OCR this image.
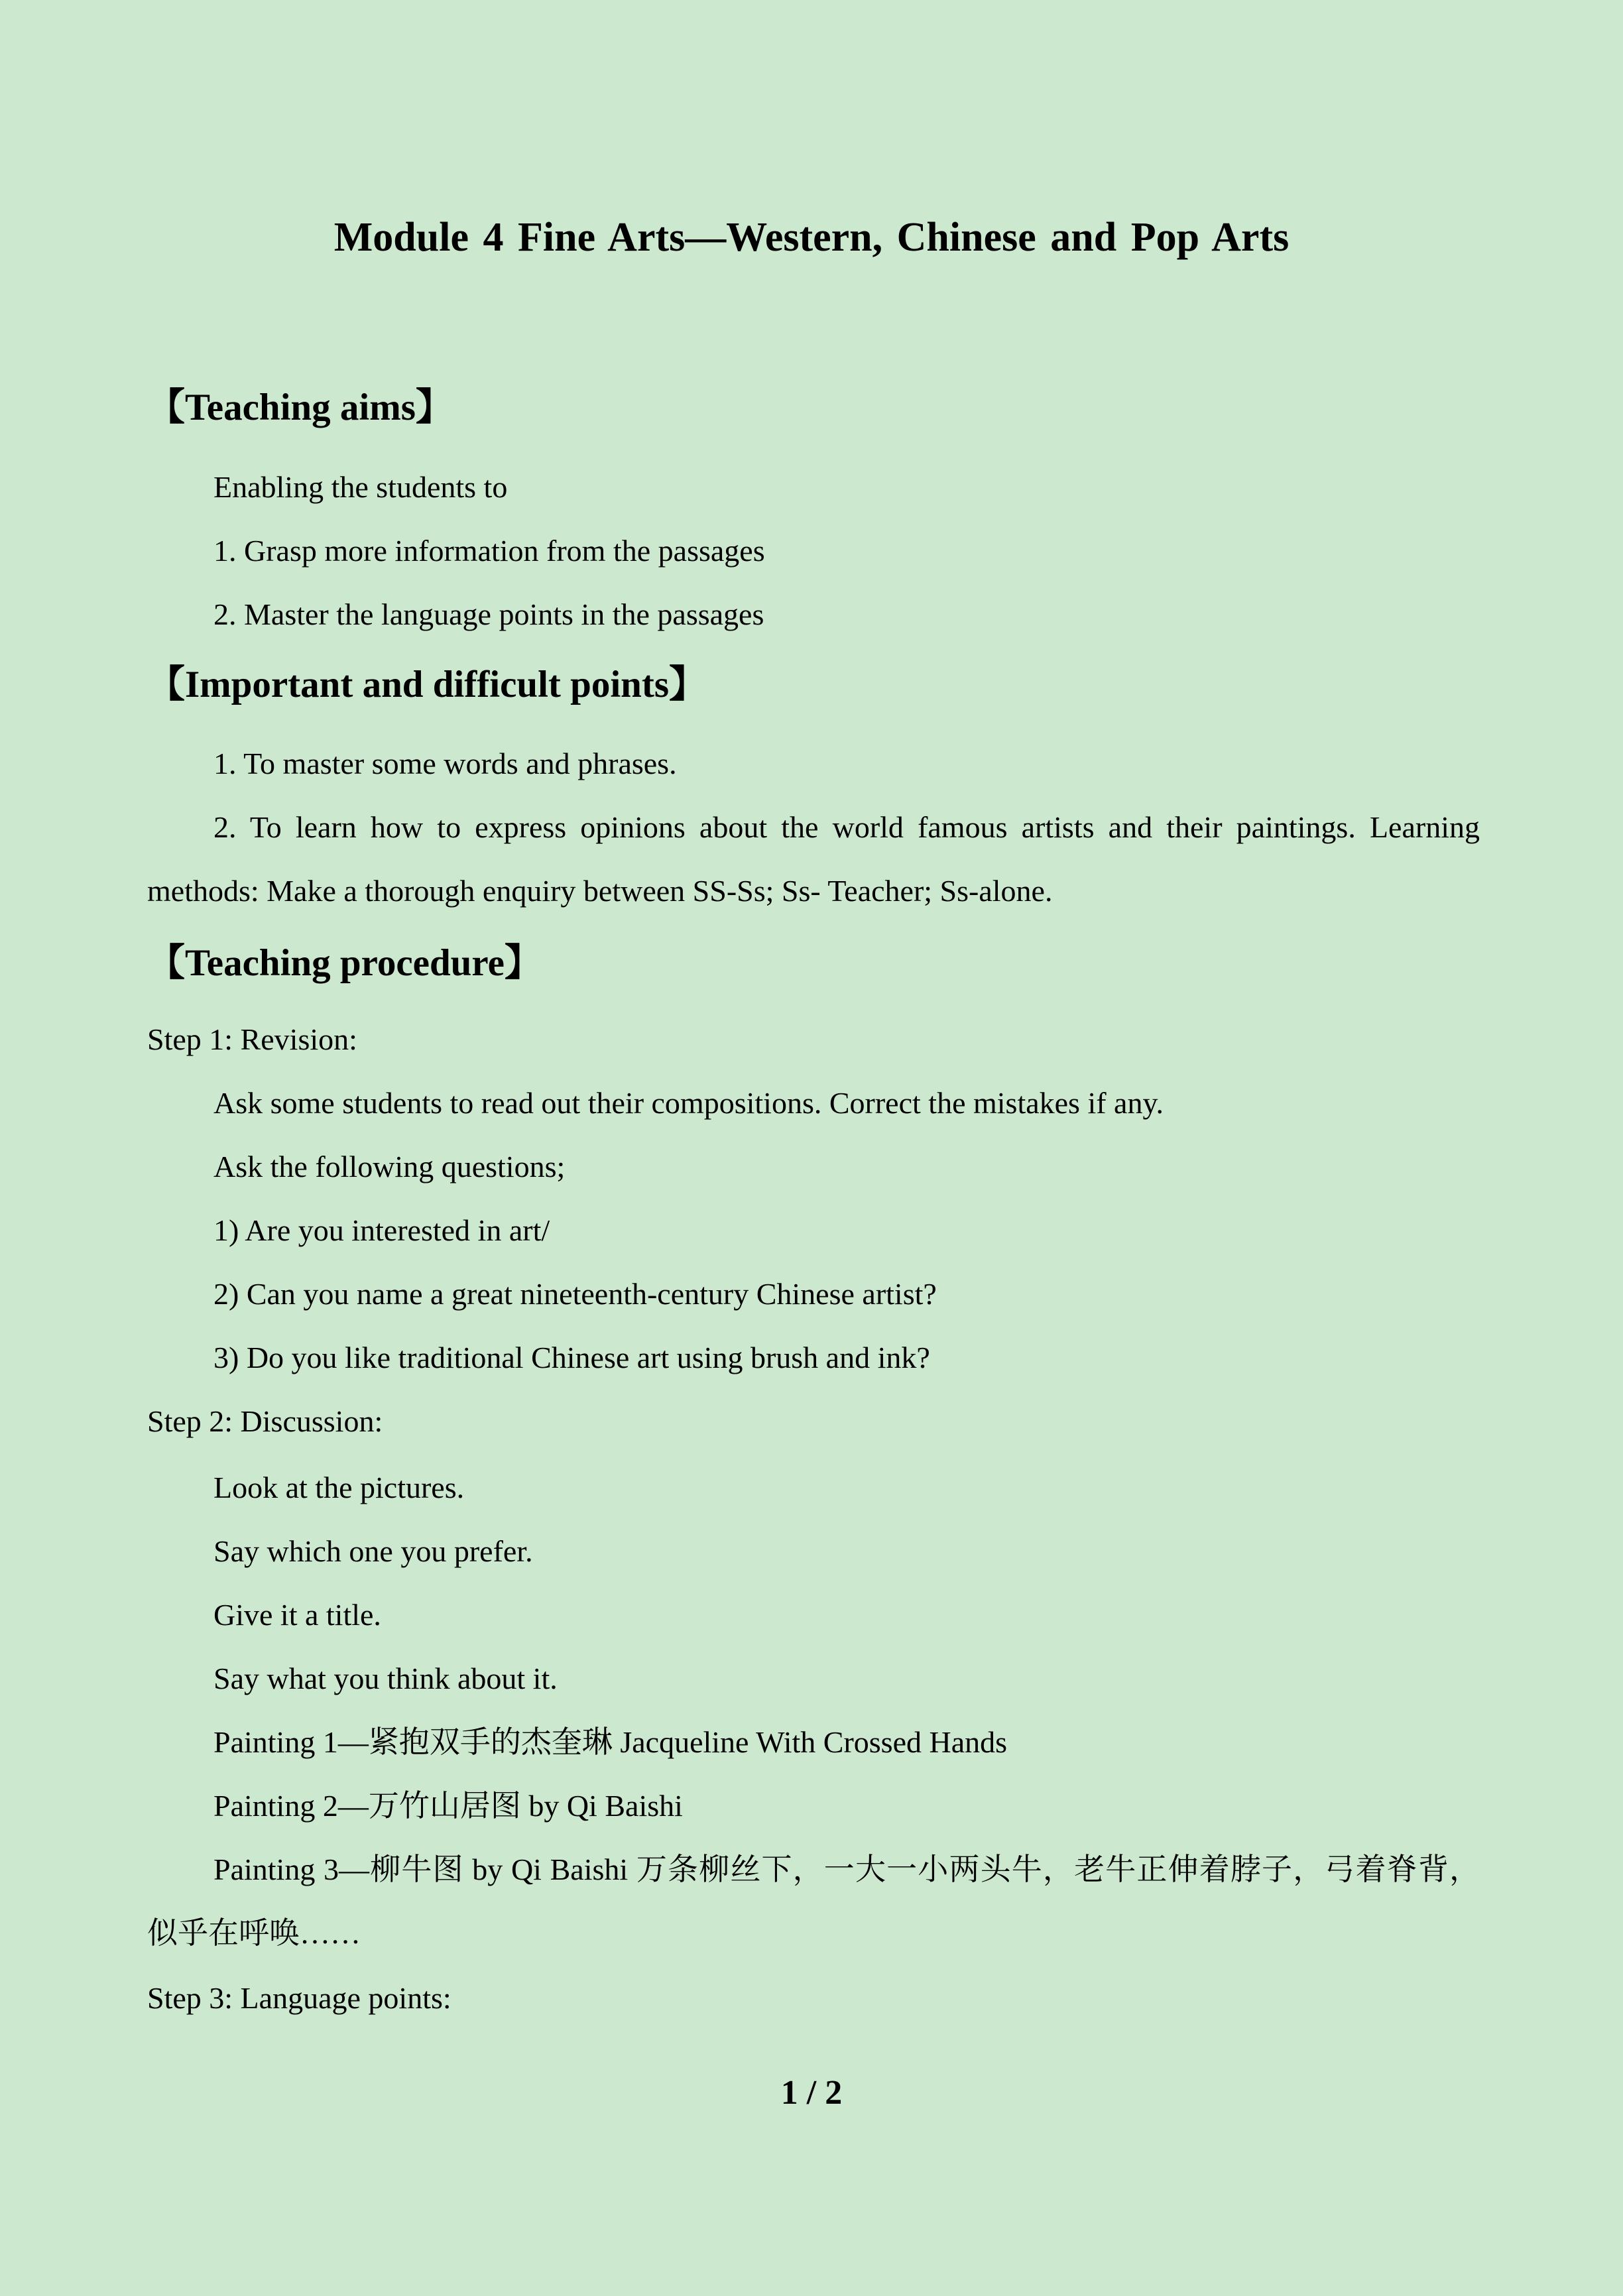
Module 4 Fine Arts—Western, Chinese and Pop Arts
【Teaching aims】
Enabling the students to
1. Grasp more information from the passages
2. Master the language points in the passages
【Important and difficult points】
1. To master some words and phrases.
2. To learn how to express opinions about the world famous artists and their paintings. Learning methods: Make a thorough enquiry between SS-Ss; Ss- Teacher; Ss-alone.
【Teaching procedure】
Step 1: Revision:
Ask some students to read out their compositions. Correct the mistakes if any.
Ask the following questions;
1) Are you interested in art/
2) Can you name a great nineteenth-century Chinese artist?
3) Do you like traditional Chinese art using brush and ink?
Step 2: Discussion:
Look at the pictures.
Say which one you prefer.
Give it a title.
Say what you think about it.
Painting 1—紧抱双手的杰奎琳 Jacqueline With Crossed Hands
Painting 2—万竹山居图 by Qi Baishi
Painting 3—柳牛图 by Qi Baishi 万条柳丝下，一大一小两头牛，老牛正伸着脖子，弓着脊背，似乎在呼唤……
Step 3: Language points:
1 / 2
